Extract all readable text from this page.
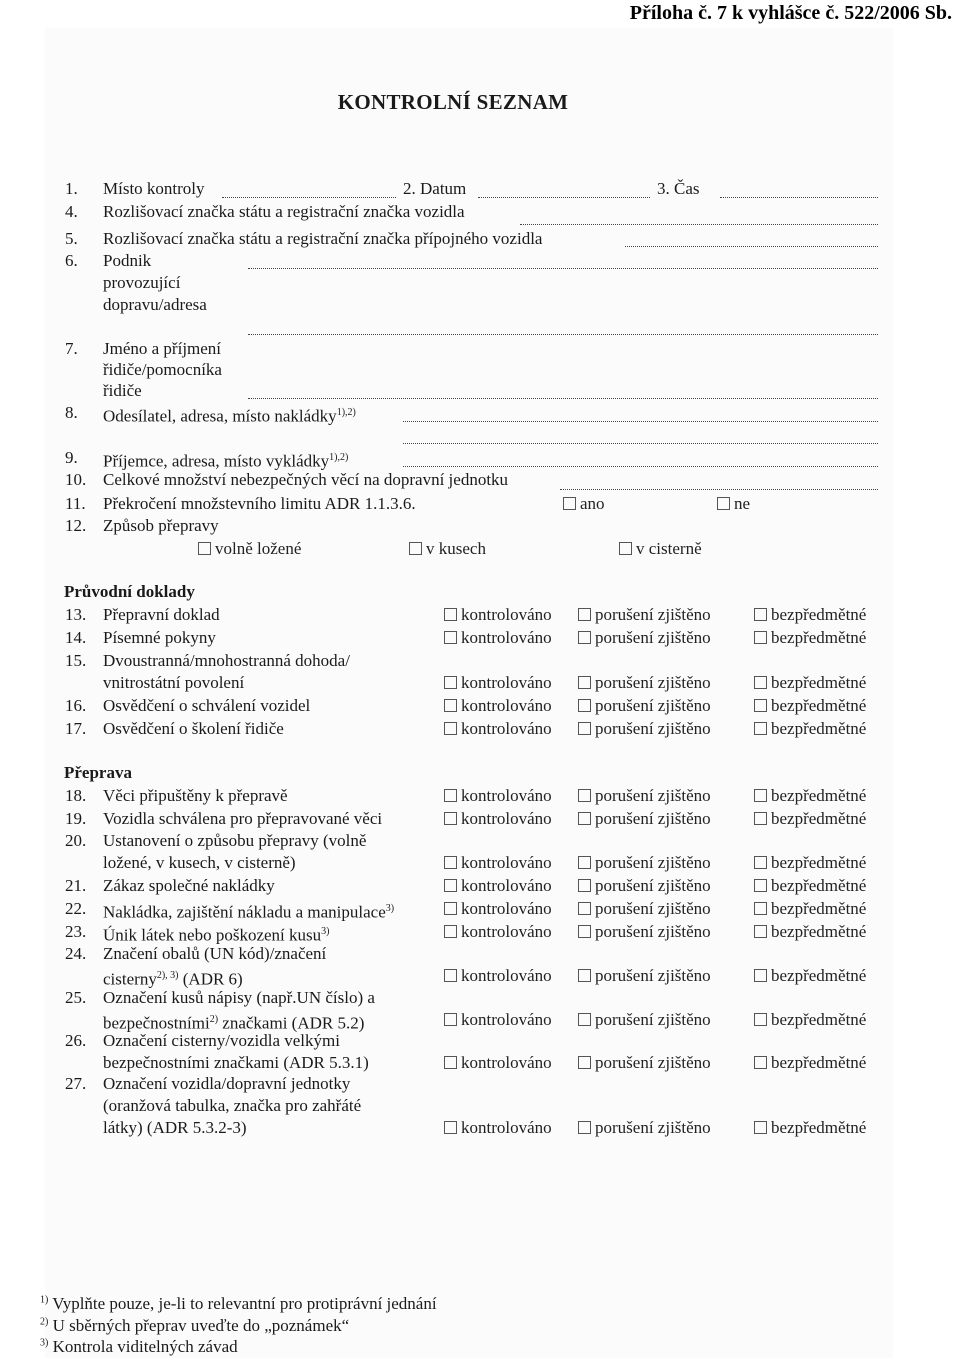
Příloha č. 7 k vyhlášce č. 522/2006 Sb.
KONTROLNÍ SEZNAM
1. Místo kontroly	2. Datum	3. Čas
4. Rozlišovací značka státu a registrační značka vozidla
5. Rozlišovací značka státu a registrační značka přípojného vozidla
6. Podnik
provozující
dopravu/adresa
7. Jméno a příjmení
řidiče/pomocníka
řidiče
8. Odesílatel, adresa, místo nakládky$^{1),2)}$
9. Příjemce, adresa, místo vykládky$^{1),2)}$
10. Celkové množství nebezpečných věcí na dopravní jednotku
11. Překročení množstevního limitu ADR 1.1.3.6.	ano	ne
12. Způsob přepravy
volně ložené	v kusech	v cisterně
Průvodní doklady
13. Přepravní doklad	kontrolováno	porušení zjištěno	bezpředmětné
14. Písemné pokyny	kontrolováno	porušení zjištěno	bezpředmětné
15. Dvoustranná/mnohostranná dohoda/
vnitrostátní povolení	kontrolováno	porušení zjištěno	bezpředmětné
16. Osvědčení o schválení vozidel	kontrolováno	porušení zjištěno	bezpředmětné
17. Osvědčení o školení řidiče	kontrolováno	porušení zjištěno	bezpředmětné
Přeprava
18. Věci připuštěny k přepravě	kontrolováno	porušení zjištěno	bezpředmětné
19. Vozidla schválena pro přepravované věci	kontrolováno	porušení zjištěno	bezpředmětné
20. Ustanovení o způsobu přepravy (volně
ložené, v kusech, v cisterně)	kontrolováno	porušení zjištěno	bezpředmětné
21. Zákaz společné nakládky	kontrolováno	porušení zjištěno	bezpředmětné
22. Nakládka, zajištění nákladu a manipulace$^{3)}$	kontrolováno	porušení zjištěno	bezpředmětné
23. Únik látek nebo poškození kusu$^{3)}$	kontrolováno	porušení zjištěno	bezpředmětné
24. Značení obalů (UN kód)/značení
cisterny$^{2), 3)}$ (ADR 6)	kontrolováno	porušení zjištěno	bezpředmětné
25. Označení kusů nápisy (např.UN číslo) a
bezpečnostními$^{2)}$ značkami (ADR 5.2)	kontrolováno	porušení zjištěno	bezpředmětné
26. Označení cisterny/vozidla velkými
bezpečnostními značkami (ADR 5.3.1)	kontrolováno	porušení zjištěno	bezpředmětné
27. Označení vozidla/dopravní jednotky
(oranžová tabulka, značka pro zahřáté
látky) (ADR 5.3.2-3)	kontrolováno	porušení zjištěno	bezpředmětné
$^{1)}$ Vyplňte pouze, je-li to relevantní pro protiprávní jednání
$^{2)}$ U sběrných přeprav uveďte do „poznámek“
$^{3)}$ Kontrola viditelných závad
